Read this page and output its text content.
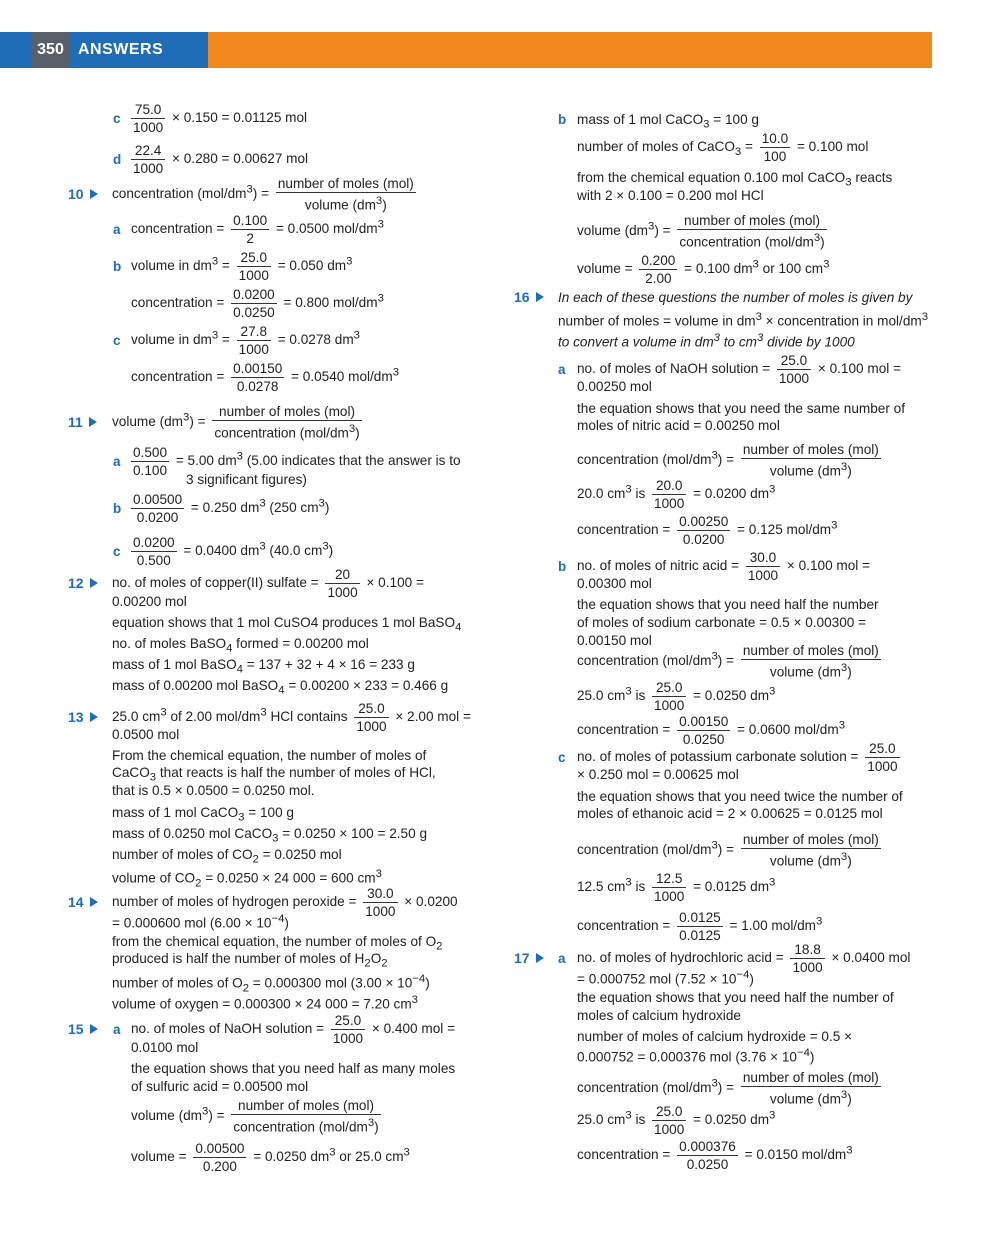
350 ANSWERS
c $\frac{75.0}{1000} \times 0.150 = 0.01125$ mol
d $\frac{22.4}{1000} \times 0.280 = 0.00627$ mol
10	concentration $(mol/dm^3) = \frac{\text{number of moles (mol)}}{volume (dm^3)}$
a concentration = $\frac{0.100}{2} = 0.0500$ mol/$dm^3$
b volume in $dm^3 = \frac{25.0}{1000} = 0.050$ $dm^3$
concentration = $\frac{0.0200}{0.0250} = 0.800$ mol/$dm^3$
c volume in $dm^3 = \frac{27.8}{1000} = 0.0278$ $dm^3$
concentration = $\frac{0.00150}{0.0278} = 0.0540$ mol/$dm^3$
11	volume $(dm^3) = \frac{\text{number of moles (mol)}}{concentration (mol/dm^3)}$
a $\frac{0.500}{0.100} = 5.00$ $dm^3$ (5.00 indicates that the answer is to
3 significant figures)
b $\frac{0.00500}{0.0200} = 0.250$ $dm^3$ (250 $cm^3$)
c $\frac{0.0200}{0.500} = 0.0400$ $dm^3$ (40.0 $cm^3$)
12	no. of moles of copper(II) sulfate = $\frac{20}{1000} \times 0.100$ =
0.00200 mol
equation shows that 1 mol CuSO4 produces 1 mol BaSO$_4$
no. of moles BaSO$_4$ formed = 0.00200 mol
mass of 1 mol BaSO$_4$ = 137 + 32 + 4 × 16 = 233 g
mass of 0.00200 mol BaSO$_4$ = 0.00200 × 233 = 0.466 g
13	25.0 $cm^3$ of 2.00 mol/$dm^3$ HCl contains $\frac{25.0}{1000} \times 2.00$ mol =
0.0500 mol
From the chemical equation, the number of moles of
CaCO$_3$ that reacts is half the number of moles of HCl,
that is 0.5 × 0.0500 = 0.0250 mol.
mass of 1 mol CaCO$_3$ = 100 g
mass of 0.0250 mol CaCO$_3$ = 0.0250 × 100 = 2.50 g
number of moles of $CO_2 = 0.0250$ mol
volume of $CO_2 = 0.0250 \times 24$ 000 = 600 $cm^3$
14	number of moles of hydrogen peroxide = $\frac{30.0}{1000} \times 0.0200$
= 0.000600 mol $(6.00 \times 10^{-4})$
from the chemical equation, the number of moles of $O_2$
produced is half the number of moles of $H_2O_2$
number of moles of $O_2 = 0.000300$ mol $(3.00 \times 10^{-4})$
volume of oxygen = 0.000300 × 24 000 = 7.20 $cm^3$
15	a no. of moles of NaOH solution = $\frac{25.0}{1000} \times 0.400$ mol =
0.0100 mol
the equation shows that you need half as many moles
of sulfuric acid = 0.00500 mol
volume $(dm^3) = \frac{\text{number of moles (mol)}}{concentration (mol/dm^3)}$
volume = $\frac{0.00500}{0.200} = 0.0250$ $dm^3$ or 25.0 $cm^3$
b mass of 1 mol CaCO$_3$ = 100 g
number of moles of CaCO$_3$ = $\frac{10.0}{100} = 0.100$ mol
from the chemical equation 0.100 mol CaCO$_3$ reacts
with 2 × 0.100 = 0.200 mol HCl
volume $(dm^3) = \frac{\text{number of moles (mol)}}{concentration (mol/dm^3)}$
volume = $\frac{0.200}{2.00} = 0.100$ $dm^3$ or 100 $cm^3$
16	In each of these questions the number of moles is given by
number of moles = volume in $dm^3$ × concentration in mol/$dm^3$
to convert a volume in $dm^3$ to $cm^3$ divide by 1000
a no. of moles of NaOH solution = $\frac{25.0}{1000} \times 0.100$ mol =
0.00250 mol
the equation shows that you need the same number of
moles of nitric acid = 0.00250 mol
concentration $(mol/dm^3) = \frac{\text{number of moles (mol)}}{volume (dm^3)}$
20.0 $cm^3$ is $\frac{20.0}{1000} = 0.0200$ $dm^3$
concentration = $\frac{0.00250}{0.0200} = 0.125$ mol/$dm^3$
b no. of moles of nitric acid = $\frac{30.0}{1000} \times 0.100$ mol =
0.00300 mol
the equation shows that you need half the number
of moles of sodium carbonate = 0.5 × 0.00300 =
0.00150 mol
concentration $(mol/dm^3) = \frac{\text{number of moles (mol)}}{volume (dm^3)}$
25.0 $cm^3$ is $\frac{25.0}{1000} = 0.0250$ $dm^3$
concentration = $\frac{0.00150}{0.0250} = 0.0600$ mol/$dm^3$
c no. of moles of potassium carbonate solution = $\frac{25.0}{1000}$
× 0.250 mol = 0.00625 mol
the equation shows that you need twice the number of
moles of ethanoic acid = 2 × 0.00625 = 0.0125 mol
concentration $(mol/dm^3) = \frac{\text{number of moles (mol)}}{volume (dm^3)}$
12.5 $cm^3$ is $\frac{12.5}{1000} = 0.0125$ $dm^3$
concentration = $\frac{0.0125}{0.0125} = 1.00$ mol/$dm^3$
17	a no. of moles of hydrochloric acid = $\frac{18.8}{1000} \times 0.0400$ mol
= 0.000752 mol $(7.52 \times 10^{-4})$
the equation shows that you need half the number of
moles of calcium hydroxide
number of moles of calcium hydroxide = 0.5 ×
0.000752 = 0.000376 mol $(3.76 \times 10^{-4})$
concentration $(mol/dm^3) = \frac{\text{number of moles (mol)}}{volume (dm^3)}$
25.0 $cm^3$ is $\frac{25.0}{1000} = 0.0250$ $dm^3$
concentration = $\frac{0.000376}{0.0250} = 0.0150$ mol/$dm^3$
